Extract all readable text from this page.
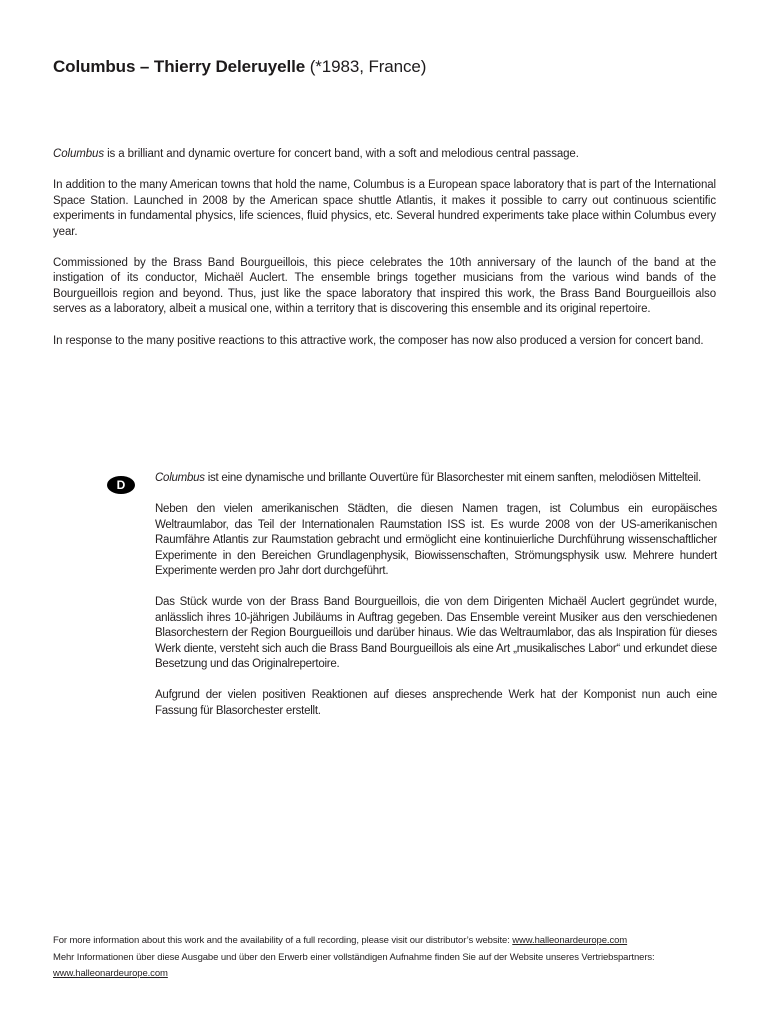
Columbus – Thierry Deleruyelle (*1983, France)

Columbus is a brilliant and dynamic overture for concert band, with a soft and melodious central passage.

In addition to the many American towns that hold the name, Columbus is a European space laboratory that is part of the International Space Station. Launched in 2008 by the American space shuttle Atlantis, it makes it possible to carry out continuous scientific experiments in fundamental physics, life sciences, fluid physics, etc. Several hundred experiments take place within Columbus every year.

Commissioned by the Brass Band Bourgueillois, this piece celebrates the 10th anniversary of the launch of the band at the instigation of its conductor, Michaël Auclert. The ensemble brings together musicians from the various wind bands of the Bourgueillois region and beyond. Thus, just like the space laboratory that inspired this work, the Brass Band Bourgueillois also serves as a laboratory, albeit a musical one, within a territory that is discovering this ensemble and its original repertoire.

In response to the many positive reactions to this attractive work, the composer has now also produced a version for concert band.

D	Columbus ist eine dynamische und brillante Ouvertüre für Blasorchester mit einem sanften, melodiösen Mittelteil.

Neben den vielen amerikanischen Städten, die diesen Namen tragen, ist Columbus ein europäisches Weltraumlabor, das Teil der Internationalen Raumstation ISS ist. Es wurde 2008 von der US-amerikanischen Raumfähre Atlantis zur Raumstation gebracht und ermöglicht eine kontinuierliche Durchführung wissenschaftlicher Experimente in den Bereichen Grundlagenphysik, Biowissenschaften, Strömungsphysik usw. Mehrere hundert Experimente werden pro Jahr dort durchgeführt.

Das Stück wurde von der Brass Band Bourgueillois, die von dem Dirigenten Michaël Auclert gegründet wurde, anlässlich ihres 10-jährigen Jubiläums in Auftrag gegeben. Das Ensemble vereint Musiker aus den verschiedenen Blasorchestern der Region Bourgueillois und darüber hinaus. Wie das Weltraumlabor, das als Inspiration für dieses Werk diente, versteht sich auch die Brass Band Bourgueillois als eine Art „musikalisches Labor“ und erkundet diese Besetzung und das Originalrepertoire.

Aufgrund der vielen positiven Reaktionen auf dieses ansprechende Werk hat der Komponist nun auch eine Fassung für Blasorchester erstellt.

For more information about this work and the availability of a full recording, please visit our distributor’s website: www.halleonardeurope.com
Mehr Informationen über diese Ausgabe und über den Erwerb einer vollständigen Aufnahme finden Sie auf der Website unseres Vertriebspartners:
www.halleonardeurope.com
